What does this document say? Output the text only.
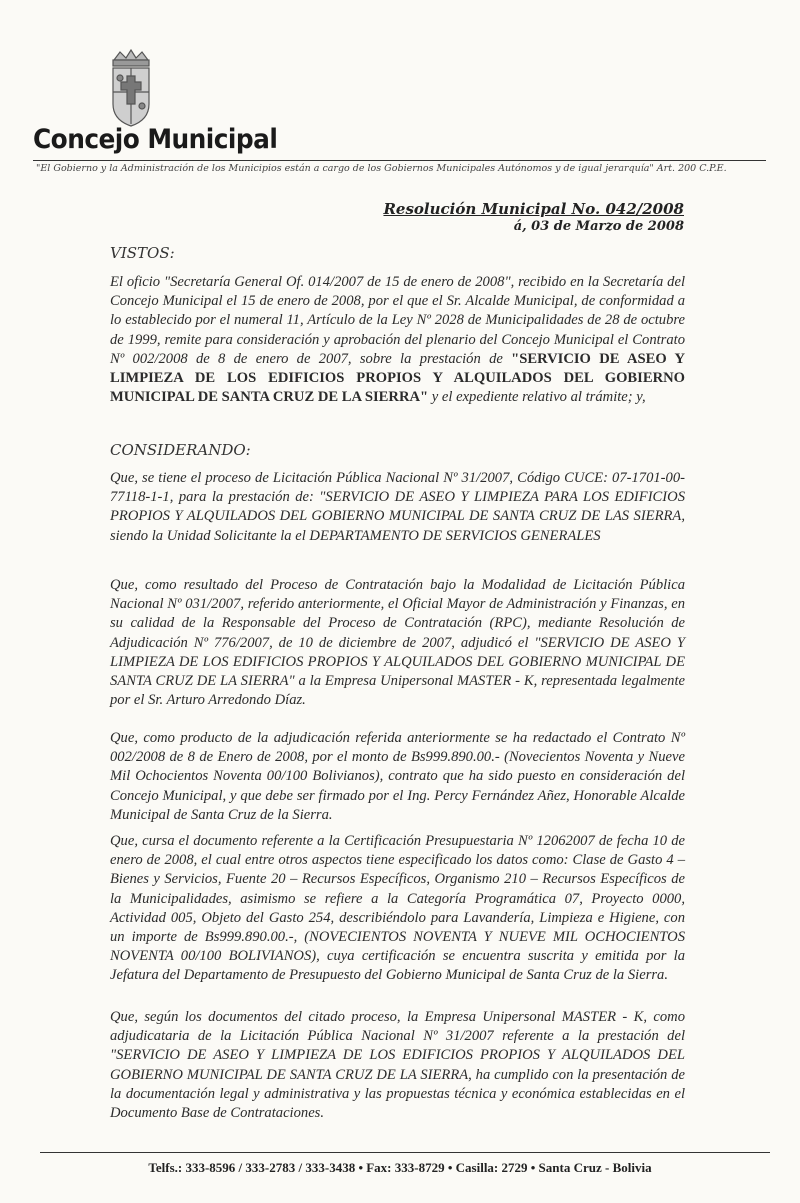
Concejo Municipal
"El Gobierno y la Administración de los Municipios están a cargo de los Gobiernos Municipales Autónomos y de igual jerarquía" Art. 200 C.P.E.
Resolución Municipal No. 042/2008
á, 03 de Marzo de 2008
VISTOS:

El oficio "Secretaría General Of. 014/2007 de 15 de enero de 2008", recibido en la Secretaría del Concejo Municipal el 15 de enero de 2008, por el que el Sr. Alcalde Municipal, de conformidad a lo establecido por el numeral 11, Artículo de la Ley Nº 2028 de Municipalidades de 28 de octubre de 1999, remite para consideración y aprobación del plenario del Concejo Municipal el Contrato Nº 002/2008 de 8 de enero de 2007, sobre la prestación de "SERVICIO DE ASEO Y LIMPIEZA DE LOS EDIFICIOS PROPIOS Y ALQUILADOS DEL GOBIERNO MUNICIPAL DE SANTA CRUZ DE LA SIERRA" y el expediente relativo al trámite; y,

CONSIDERANDO:

Que, se tiene el proceso de Licitación Pública Nacional Nº 31/2007, Código CUCE: 07-1701-00-77118-1-1, para la prestación de: "SERVICIO DE ASEO Y LIMPIEZA PARA LOS EDIFICIOS PROPIOS Y ALQUILADOS DEL GOBIERNO MUNICIPAL DE SANTA CRUZ DE LAS SIERRA, siendo la Unidad Solicitante la el DEPARTAMENTO DE SERVICIOS GENERALES

Que, como resultado del Proceso de Contratación bajo la Modalidad de Licitación Pública Nacional Nº 031/2007, referido anteriormente, el Oficial Mayor de Administración y Finanzas, en su calidad de la Responsable del Proceso de Contratación (RPC), mediante Resolución de Adjudicación Nº 776/2007, de 10 de diciembre de 2007, adjudicó el "SERVICIO DE ASEO Y LIMPIEZA DE LOS EDIFICIOS PROPIOS Y ALQUILADOS DEL GOBIERNO MUNICIPAL DE SANTA CRUZ DE LA SIERRA" a la Empresa Unipersonal MASTER - K, representada legalmente por el Sr. Arturo Arredondo Díaz.

Que, como producto de la adjudicación referida anteriormente se ha redactado el Contrato Nº 002/2008 de 8 de Enero de 2008, por el monto de Bs999.890.00.- (Novecientos Noventa y Nueve Mil Ochocientos Noventa 00/100 Bolivianos), contrato que ha sido puesto en consideración del Concejo Municipal, y que debe ser firmado por el Ing. Percy Fernández Añez, Honorable Alcalde Municipal de Santa Cruz de la Sierra.

Que, cursa el documento referente a la Certificación Presupuestaria Nº 12062007 de fecha 10 de enero de 2008, el cual entre otros aspectos tiene especificado los datos como: Clase de Gasto 4 – Bienes y Servicios, Fuente 20 – Recursos Específicos, Organismo 210 – Recursos Específicos de la Municipalidades, asimismo se refiere a la Categoría Programática 07, Proyecto 0000, Actividad 005, Objeto del Gasto 254, describiéndolo para Lavandería, Limpieza e Higiene, con un importe de Bs999.890.00.-, (NOVECIENTOS NOVENTA Y NUEVE MIL OCHOCIENTOS NOVENTA 00/100 BOLIVIANOS), cuya certificación se encuentra suscrita y emitida por la Jefatura del Departamento de Presupuesto del Gobierno Municipal de Santa Cruz de la Sierra.

Que, según los documentos del citado proceso, la Empresa Unipersonal MASTER - K, como adjudicataria de la Licitación Pública Nacional Nº 31/2007 referente a la prestación del "SERVICIO DE ASEO Y LIMPIEZA DE LOS EDIFICIOS PROPIOS Y ALQUILADOS DEL GOBIERNO MUNICIPAL DE SANTA CRUZ DE LA SIERRA, ha cumplido con la presentación de la documentación legal y administrativa y las propuestas técnica y económica establecidas en el Documento Base de Contrataciones.

Telfs.: 333-8596 / 333-2783 / 333-3438 • Fax: 333-8729 • Casilla: 2729 • Santa Cruz - Bolivia
